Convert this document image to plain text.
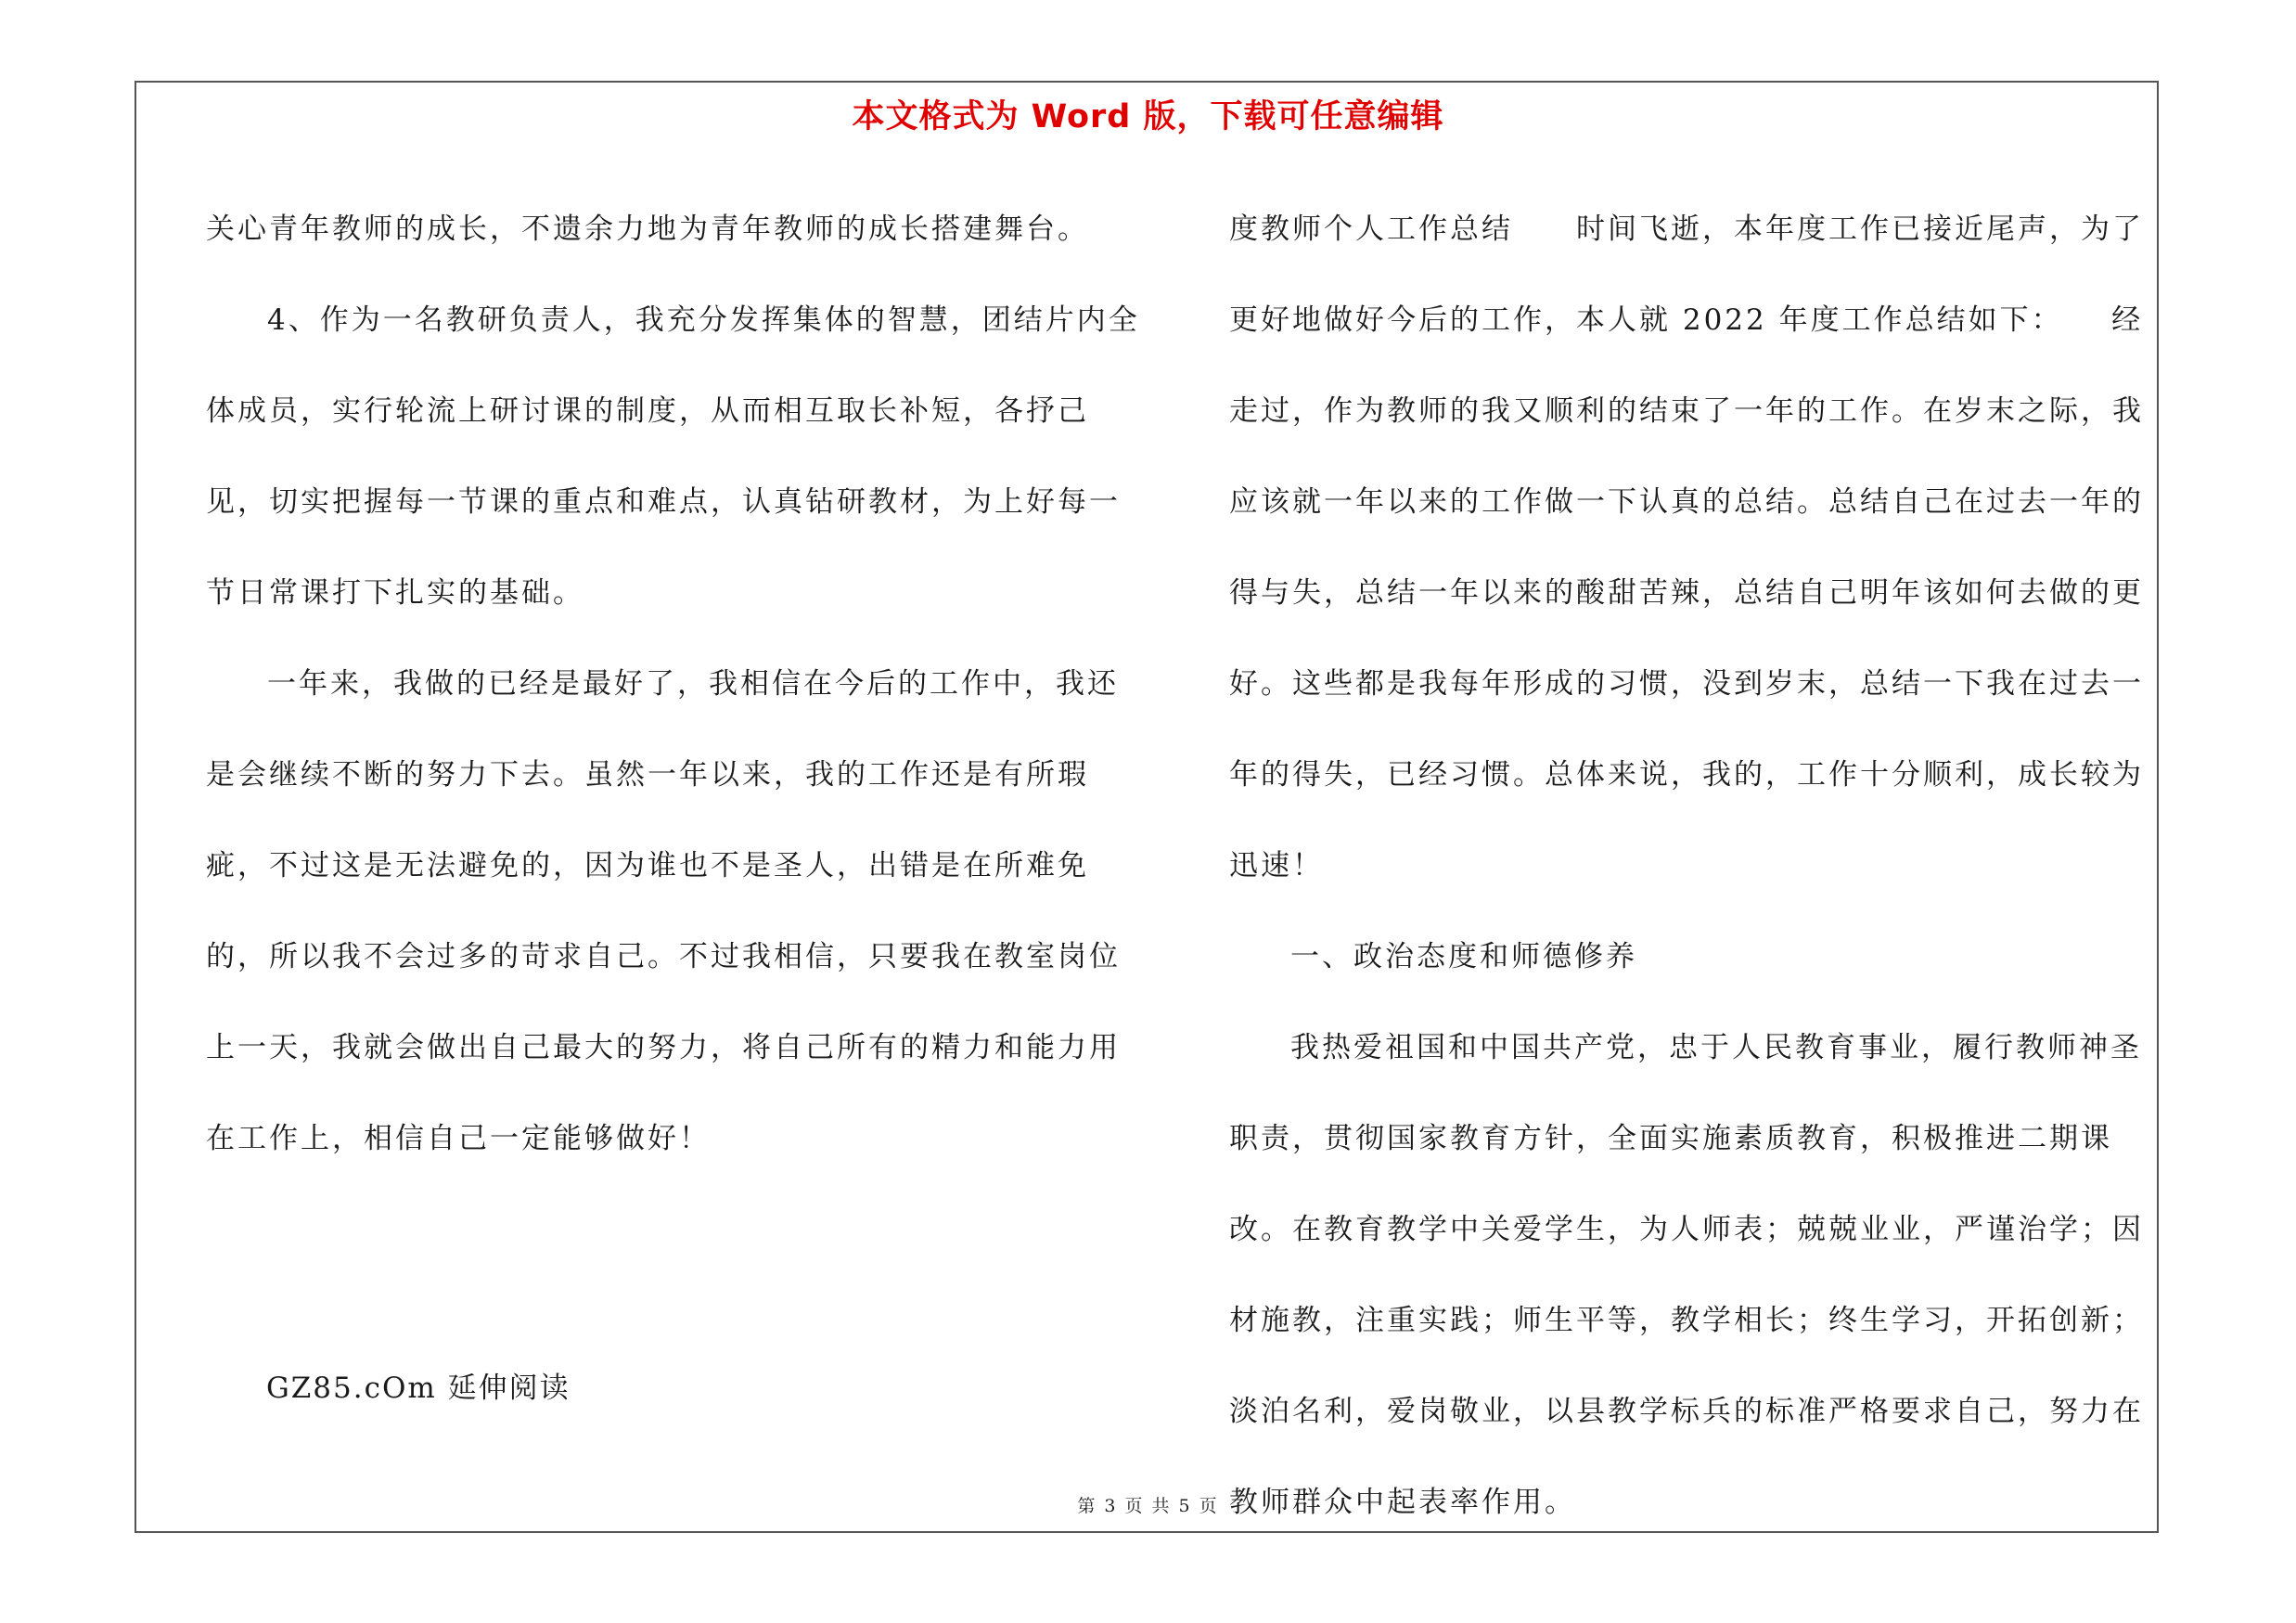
本文格式为 Word 版，下载可任意编辑

关心青年教师的成长，不遗余力地为青年教师的成长搭建舞台。

4、作为一名教研负责人，我充分发挥集体的智慧，团结片内全体成员，实行轮流上研讨课的制度，从而相互取长补短，各抒己见，切实把握每一节课的重点和难点，认真钻研教材，为上好每一节日常课打下扎实的基础。

一年来，我做的已经是最好了，我相信在今后的工作中，我还是会继续不断的努力下去。虽然一年以来，我的工作还是有所瑕疵，不过这是无法避免的，因为谁也不是圣人，出错是在所难免的，所以我不会过多的苛求自己。不过我相信，只要我在教室岗位上一天，我就会做出自己最大的努力，将自己所有的精力和能力用在工作上，相信自己一定能够做好！

GZ85.cOm 延伸阅读

度教师个人工作总结　　时间飞逝，本年度工作已接近尾声，为了更好地做好今后的工作，本人就 2022 年度工作总结如下：　　经走过，作为教师的我又顺利的结束了一年的工作。在岁末之际，我应该就一年以来的工作做一下认真的总结。总结自己在过去一年的得与失，总结一年以来的酸甜苦辣，总结自己明年该如何去做的更好。这些都是我每年形成的习惯，没到岁末，总结一下我在过去一年的得失，已经习惯。总体来说，我的，工作十分顺利，成长较为迅速！

一、政治态度和师德修养

我热爱祖国和中国共产党，忠于人民教育事业，履行教师神圣职责，贯彻国家教育方针，全面实施素质教育，积极推进二期课改。在教育教学中关爱学生，为人师表；兢兢业业，严谨治学；因材施教，注重实践；师生平等，教学相长；终生学习，开拓创新；淡泊名利，爱岗敬业，以县教学标兵的标准严格要求自己，努力在教师群众中起表率作用。

第 3 页 共 5 页
